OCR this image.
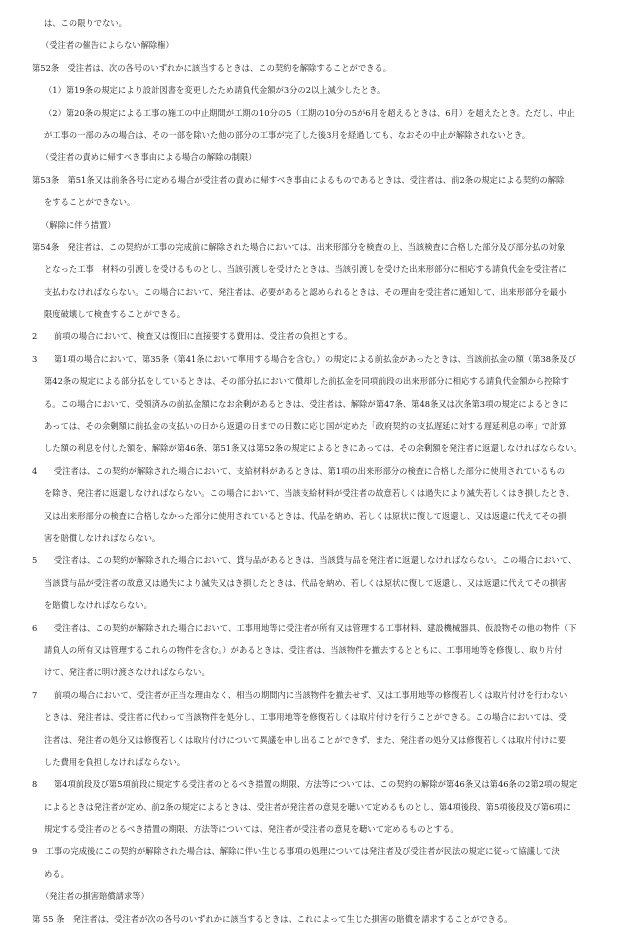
は、この限りでない。
（受注者の催告によらない解除権）
第52条　受注者は、次の各号のいずれかに該当するときは、この契約を解除することができる。
（1）第19条の規定により設計図書を変更したため請負代金額が3分の2以上減少したとき。
（2）第20条の規定による工事の施工の中止期間が工期の10分の5（工期の10分の5が6月を超えるときは、6月）を超えたとき。ただし、中止
が工事の一部のみの場合は、その一部を除いた他の部分の工事が完了した後3月を経過しても、なおその中止が解除されないとき。
（受注者の責めに帰すべき事由による場合の解除の制限）
第53条　第51条又は前条各号に定める場合が受注者の責めに帰すべき事由によるものであるときは、受注者は、前2条の規定による契約の解除
をすることができない。
（解除に伴う措置）
第54条　発注者は、この契約が工事の完成前に解除された場合においては、出来形部分を検査の上、当該検査に合格した部分及び部分払の対象
となった工事　材料の引渡しを受けるものとし、当該引渡しを受けたときは、当該引渡しを受けた出来形部分に相応する請負代金を受注者に
支払わなければならない。この場合において、発注者は、必要があると認められるときは、その理由を受注者に通知して、出来形部分を最小
限度破壊して検査することができる。
2　　前項の場合において、検査又は復旧に直接要する費用は、受注者の負担とする。
3　　第1項の場合において、第35条（第41条において準用する場合を含む。）の規定による前払金があったときは、当該前払金の額（第38条及び
第42条の規定による部分払をしているときは、その部分払において償却した前払金を同項前段の出来形部分に相応する請負代金額から控除す
る。この場合において、受領済みの前払金額になお余剰があるときは、受注者は、解除が第47条、第48条又は次条第3項の規定によるときに
あっては、その余剰額に前払金の支払いの日から返還の日までの日数に応じ国が定めた「政府契約の支払遅延に対する遅延利息の率」で計算
した額の利息を付した額を、解除が第46条、第51条又は第52条の規定によるときにあっては、その余剰額を発注者に返還しなければならない。
4　　受注者は、この契約が解除された場合において、支給材料があるときは、第1項の出来形部分の検査に合格した部分に使用されているもの
を除き、発注者に返還しなければならない。この場合において、当該支給材料が受注者の故意若しくは過失により滅失若しくはき損したとき、
又は出来形部分の検査に合格しなかった部分に使用されているときは、代品を納め、若しくは原状に復して返還し、又は返還に代えてその損
害を賠償しなければならない。
5　　受注者は、この契約が解除された場合において、貸与品があるときは、当該貸与品を発注者に返還しなければならない。この場合において、
当該貸与品が受注者の故意又は過失により滅失又はき損したときは、代品を納め、若しくは原状に復して返還し、又は返還に代えてその損害
を賠償しなければならない。
6　　受注者は、この契約が解除された場合において、工事用地等に受注者が所有又は管理する工事材料、建設機械器具、仮設物その他の物件（下
請負人の所有又は管理するこれらの物件を含む。）があるときは、受注者は、当該物件を撤去するとともに、工事用地等を修復し、取り片付
けて、発注者に明け渡さなければならない。
7　　前項の場合において、受注者が正当な理由なく、相当の期間内に当該物件を撤去せず、又は工事用地等の修復若しくは取片付けを行わない
ときは、発注者は、受注者に代わって当該物件を処分し、工事用地等を修復若しくは取片付けを行うことができる。この場合においては、受
注者は、発注者の処分又は修復若しくは取片付けについて異議を申し出ることができず、また、発注者の処分又は修復若しくは取片付けに要
した費用を負担しなければならない。
8　　第4項前段及び第5項前段に規定する受注者のとるべき措置の期限、方法等については、この契約の解除が第46条又は第46条の2第2項の規定
によるときは発注者が定め、前2条の規定によるときは、受注者が発注者の意見を聴いて定めるものとし、第4項後段、第5項後段及び第6項に
規定する受注者のとるべき措置の期限、方法等については、発注者が受注者の意見を聴いて定めるものとする。
9　工事の完成後にこの契約が解除された場合は、解除に伴い生じる事項の処理については発注者及び受注者が民法の規定に従って協議して決
める。
（発注者の損害賠償請求等）
第 55 条　発注者は、受注者が次の各号のいずれかに該当するときは、これによって生じた損害の賠償を請求することができる。
